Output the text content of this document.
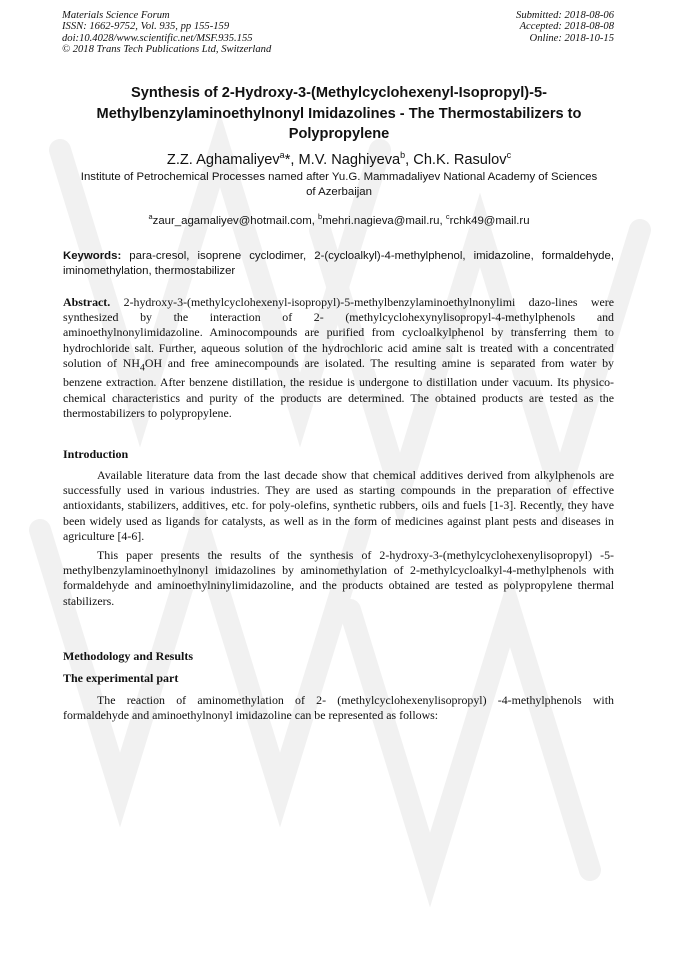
Materials Science Forum
ISSN: 1662-9752, Vol. 935, pp 155-159
doi:10.4028/www.scientific.net/MSF.935.155
© 2018 Trans Tech Publications Ltd, Switzerland
Submitted: 2018-08-06
Accepted: 2018-08-08
Online: 2018-10-15
Synthesis of 2-Hydroxy-3-(Methylcyclohexenyl-Isopropyl)-5-Methylbenzylaminoethylnonyl Imidazolines - The Thermostabilizers to Polypropylene
Z.Z. Aghamaliyev$^a$*, M.V. Naghiyeva$^b$, Ch.K. Rasulov$^c$
Institute of Petrochemical Processes named after Yu.G. Mammadaliyev National Academy of Sciences of Azerbaijan
$^a$zaur_agamaliyev@hotmail.com, $^b$mehri.nagieva@mail.ru, $^c$rchk49@mail.ru
Keywords: para-cresol, isoprene cyclodimer, 2-(cycloalkyl)-4-methylphenol, imidazoline, formaldehyde, iminomethylation, thermostabilizer
Abstract. 2-hydroxy-3-(methylcyclohexenyl-isopropyl)-5-methylbenzylaminoethylnonylimi dazo-lines were synthesized by the interaction of 2- (methylcyclohexynylisopropyl-4-methylphenols and aminoethylnonylimidazoline. Aminocompounds are purified from cycloalkylphenol by transferring them to hydrochloride salt. Further, aqueous solution of the hydrochloric acid amine salt is treated with a concentrated solution of $NH_4OH$ and free aminecompounds are isolated. The resulting amine is separated from water by benzene extraction. After benzene distillation, the residue is undergone to distillation under vacuum. Its physico-chemical characteristics and purity of the products are determined. The obtained products are tested as the thermostabilizers to polypropylene.
Introduction
Available literature data from the last decade show that chemical additives derived from alkylphenols are successfully used in various industries. They are used as starting compounds in the preparation of effective antioxidants, stabilizers, additives, etc. for poly-olefins, synthetic rubbers, oils and fuels [1-3]. Recently, they have been widely used as ligands for catalysts, as well as in the form of medicines against plant pests and diseases in agriculture [4-6].
This paper presents the results of the synthesis of 2-hydroxy-3-(methylcyclohexenylisopropyl) -5-methylbenzylaminoethylnonyl imidazolines by aminomethylation of 2-methylcycloalkyl-4-methylphenols with formaldehyde and aminoethylninylimidazoline, and the products obtained are tested as polypropylene thermal stabilizers.
Methodology and Results
The experimental part
The reaction of aminomethylation of 2- (methylcyclohexenylisopropyl) -4-methylphenols with formaldehyde and aminoethylnonyl imidazoline can be represented as follows:
